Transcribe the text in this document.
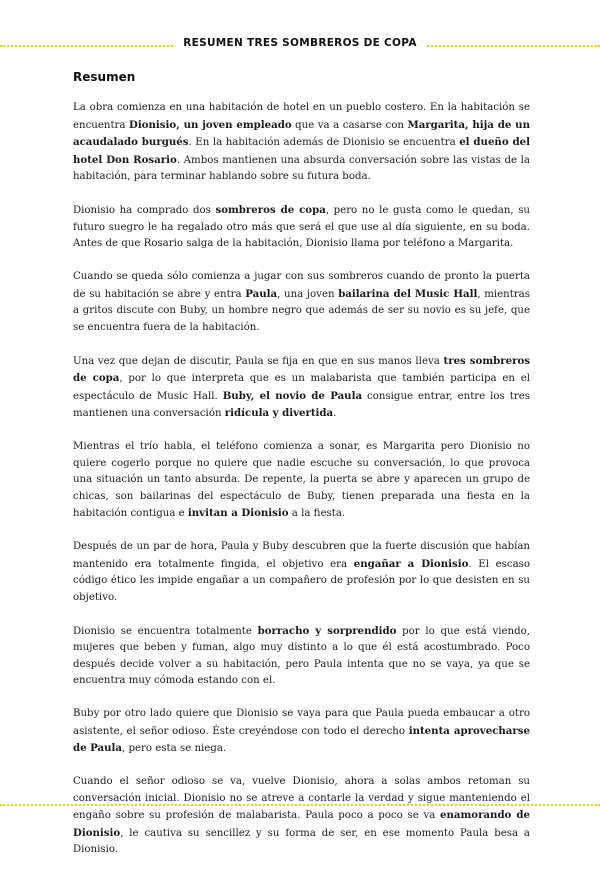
RESUMEN TRES SOMBREROS DE COPA
Resumen

La obra comienza en una habitación de hotel en un pueblo costero. En la habitación se encuentra Dionisio, un joven empleado que va a casarse con Margarita, hija de un acaudalado burgués. En la habitación además de Dionisio se encuentra el dueño del hotel Don Rosario. Ambos mantienen una absurda conversación sobre las vistas de la habitación, para terminar hablando sobre su futura boda.

Dionisio ha comprado dos sombreros de copa, pero no le gusta como le quedan, su futuro suegro le ha regalado otro más que será el que use al día siguiente, en su boda. Antes de que Rosario salga de la habitación, Dionisio llama por teléfono a Margarita.

Cuando se queda sólo comienza a jugar con sus sombreros cuando de pronto la puerta de su habitación se abre y entra Paula, una joven bailarina del Music Hall, mientras a gritos discute con Buby, un hombre negro que además de ser su novio es su jefe, que se encuentra fuera de la habitación.

Una vez que dejan de discutir, Paula se fija en que en sus manos lleva tres sombreros de copa, por lo que interpreta que es un malabarista que también participa en el espectáculo de Music Hall. Buby, el novio de Paula consigue entrar, entre los tres mantienen una conversación ridícula y divertida.

Mientras el trío habla, el teléfono comienza a sonar, es Margarita pero Dionisio no quiere cogerlo porque no quiere que nadie escuche su conversación, lo que provoca una situación un tanto absurda. De repente, la puerta se abre y aparecen un grupo de chicas, son bailarinas del espectáculo de Buby, tienen preparada una fiesta en la habitación contigua e invitan a Dionisio a la fiesta.

Después de un par de hora, Paula y Buby descubren que la fuerte discusión que habían mantenido era totalmente fingida, el objetivo era engañar a Dionisio. El escaso código ético les impide engañar a un compañero de profesión por lo que desisten en su objetivo.

Dionisio se encuentra totalmente borracho y sorprendido por lo que está viendo, mujeres que beben y fuman, algo muy distinto a lo que él está acostumbrado. Poco después decide volver a su habitación, pero Paula intenta que no se vaya, ya que se encuentra muy cómoda estando con el.

Buby por otro lado quiere que Dionisio se vaya para que Paula pueda embaucar a otro asistente, el señor odioso. Éste creyéndose con todo el derecho intenta aprovecharse de Paula, pero esta se niega.

Cuando el señor odioso se va, vuelve Dionisio, ahora a solas ambos retoman su conversación inicial. Dionisio no se atreve a contarle la verdad y sigue manteniendo el engaño sobre su profesión de malabarista. Paula poco a poco se va enamorando de Dionisio, le cautiva su sencillez y su forma de ser, en ese momento Paula besa a Dionisio.
